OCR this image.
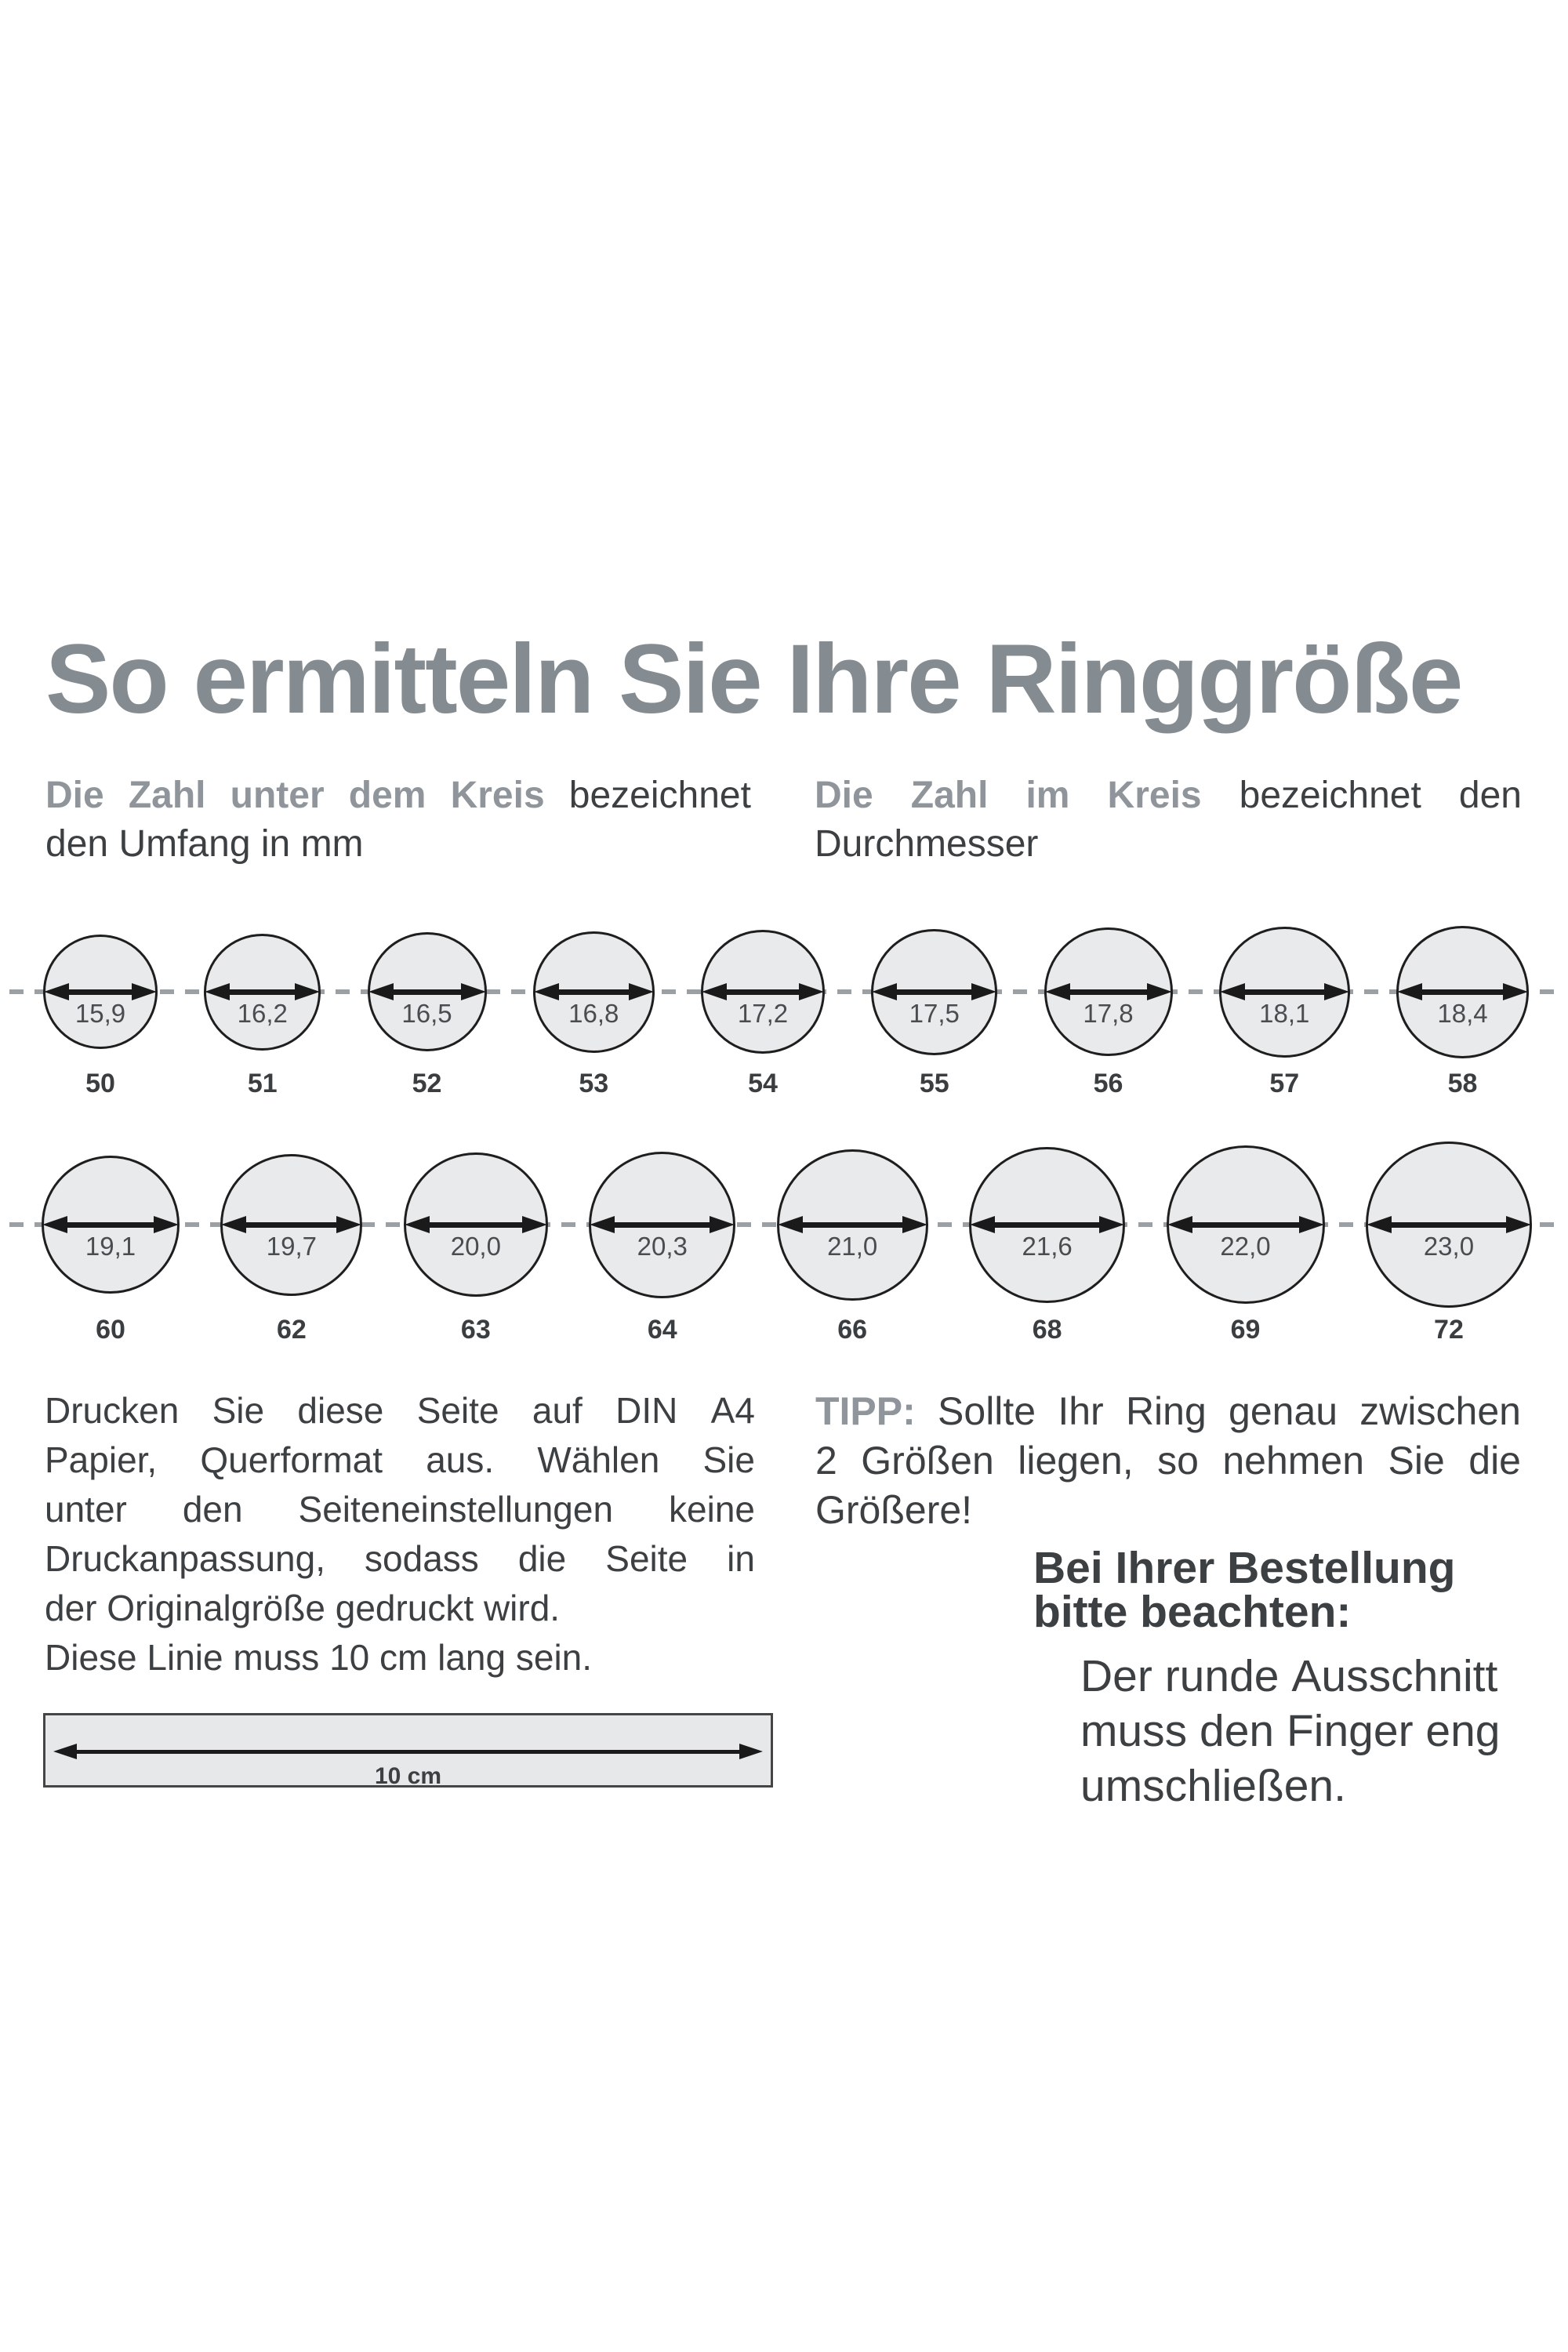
So ermitteln Sie Ihre Ringgröße
Die Zahl unter dem Kreis bezeichnet
den Umfang in mm
Die Zahl im Kreis bezeichnet den
Durchmesser
15,9
50
16,2
51
16,5
52
16,8
53
17,2
54
17,5
55
17,8
56
18,1
57
18,4
58
19,1
60
19,7
62
20,0
63
20,3
64
21,0
66
21,6
68
22,0
69
23,0
72
Drucken Sie diese Seite auf DIN A4
Papier, Querformat aus. Wählen Sie
unter den Seiteneinstellungen keine
Druckanpassung, sodass die Seite in
der Originalgröße gedruckt wird.
Diese Linie muss 10 cm lang sein.
TIPP: Sollte Ihr Ring genau zwischen
2 Größen liegen, so nehmen Sie die
Größere!
Bei Ihrer Bestellung
bitte beachten:
Der runde Ausschnitt
muss den Finger eng
umschließen.
10 cm
